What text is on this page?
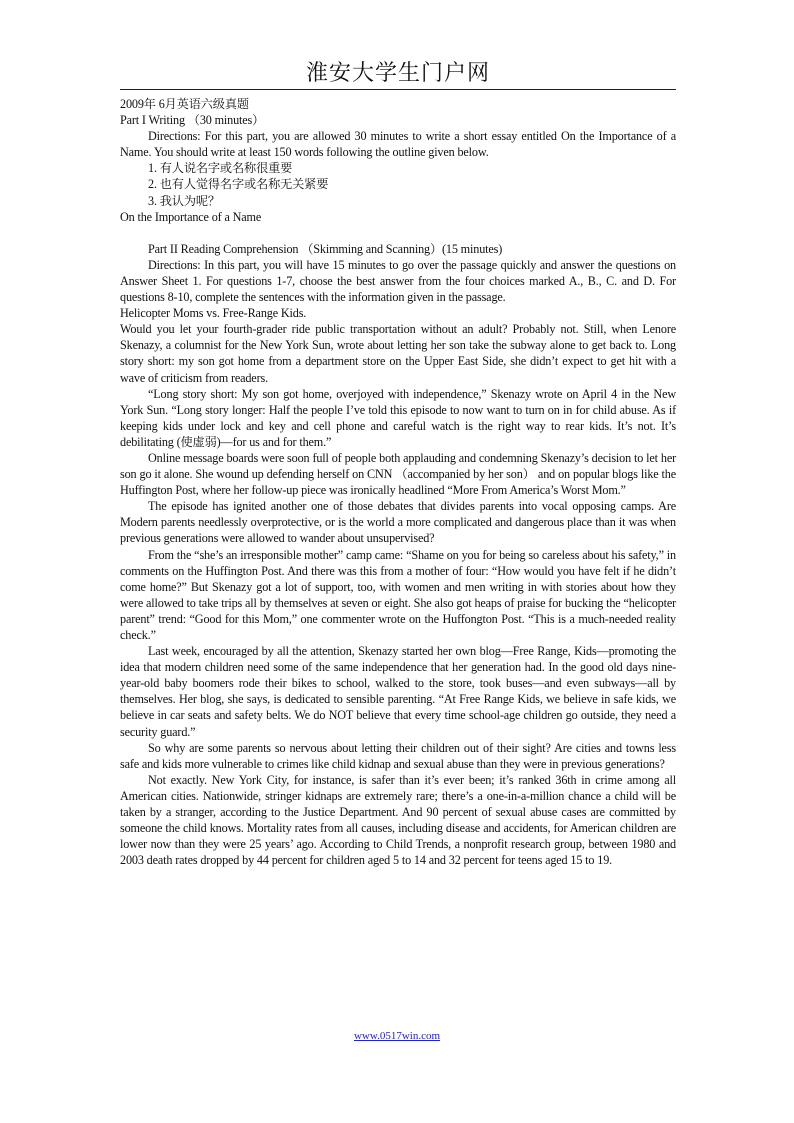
淮安大学生门户网

2009年 6月英语六级真题

Part I Writing （30 minutes）

Directions: For this part, you are allowed 30 minutes to write a short essay entitled On the Importance of a Name. You should write at least 150 words following the outline given below.

1. 有人说名字或名称很重要

2. 也有人觉得名字或名称无关紧要

3. 我认为呢？

On the Importance of a Name

Part II Reading Comprehension （Skimming and Scanning）(15 minutes)

Directions: In this part, you will have 15 minutes to go over the passage quickly and answer the questions on Answer Sheet 1. For questions 1-7, choose the best answer from the four choices marked A., B., C. and D. For questions 8-10, complete the sentences with the information given in the passage.

Helicopter Moms vs. Free-Range Kids.

Would you let your fourth-grader ride public transportation without an adult? Probably not. Still, when Lenore Skenazy, a columnist for the New York Sun, wrote about letting her son take the subway alone to get back to. Long story short: my son got home from a department store on the Upper East Side, she didn’t expect to get hit with a wave of criticism from readers.

“Long story short: My son got home, overjoyed with independence,” Skenazy wrote on April 4 in the New York Sun. “Long story longer: Half the people I’ve told this episode to now want to turn on in for child abuse. As if keeping kids under lock and key and cell phone and careful watch is the right way to rear kids. It’s not. It’s debilitating (使虚弱)—for us and for them.”

Online message boards were soon full of people both applauding and condemning Skenazy’s decision to let her son go it alone. She wound up defending herself on CNN （accompanied by her son） and on popular blogs like the Huffington Post, where her follow-up piece was ironically headlined “More From America’s Worst Mom.”

The episode has ignited another one of those debates that divides parents into vocal opposing camps. Are Modern parents needlessly overprotective, or is the world a more complicated and dangerous place than it was when previous generations were allowed to wander about unsupervised?

From the “she’s an irresponsible mother” camp came: “Shame on you for being so careless about his safety,” in comments on the Huffington Post. And there was this from a mother of four: “How would you have felt if he didn’t come home?” But Skenazy got a lot of support, too, with women and men writing in with stories about how they were allowed to take trips all by themselves at seven or eight. She also got heaps of praise for bucking the “helicopter parent” trend: “Good for this Mom,” one commenter wrote on the Huffongton Post. “This is a much-needed reality check.”

Last week, encouraged by all the attention, Skenazy started her own blog—Free Range, Kids—promoting the idea that modern children need some of the same independence that her generation had. In the good old days nine-year-old baby boomers rode their bikes to school, walked to the store, took buses—and even subways—all by themselves. Her blog, she says, is dedicated to sensible parenting. “At Free Range Kids, we believe in safe kids, we believe in car seats and safety belts. We do NOT believe that every time school-age children go outside, they need a security guard.”

So why are some parents so nervous about letting their children out of their sight? Are cities and towns less safe and kids more vulnerable to crimes like child kidnap and sexual abuse than they were in previous generations?

Not exactly. New York City, for instance, is safer than it’s ever been; it’s ranked 36th in crime among all American cities. Nationwide, stringer kidnaps are extremely rare; there’s a one-in-a-million chance a child will be taken by a stranger, according to the Justice Department. And 90 percent of sexual abuse cases are committed by someone the child knows. Mortality rates from all causes, including disease and accidents, for American children are lower now than they were 25 years’ ago. According to Child Trends, a nonprofit research group, between 1980 and 2003 death rates dropped by 44 percent for children aged 5 to 14 and 32 percent for teens aged 15 to 19.

www.0517win.com
